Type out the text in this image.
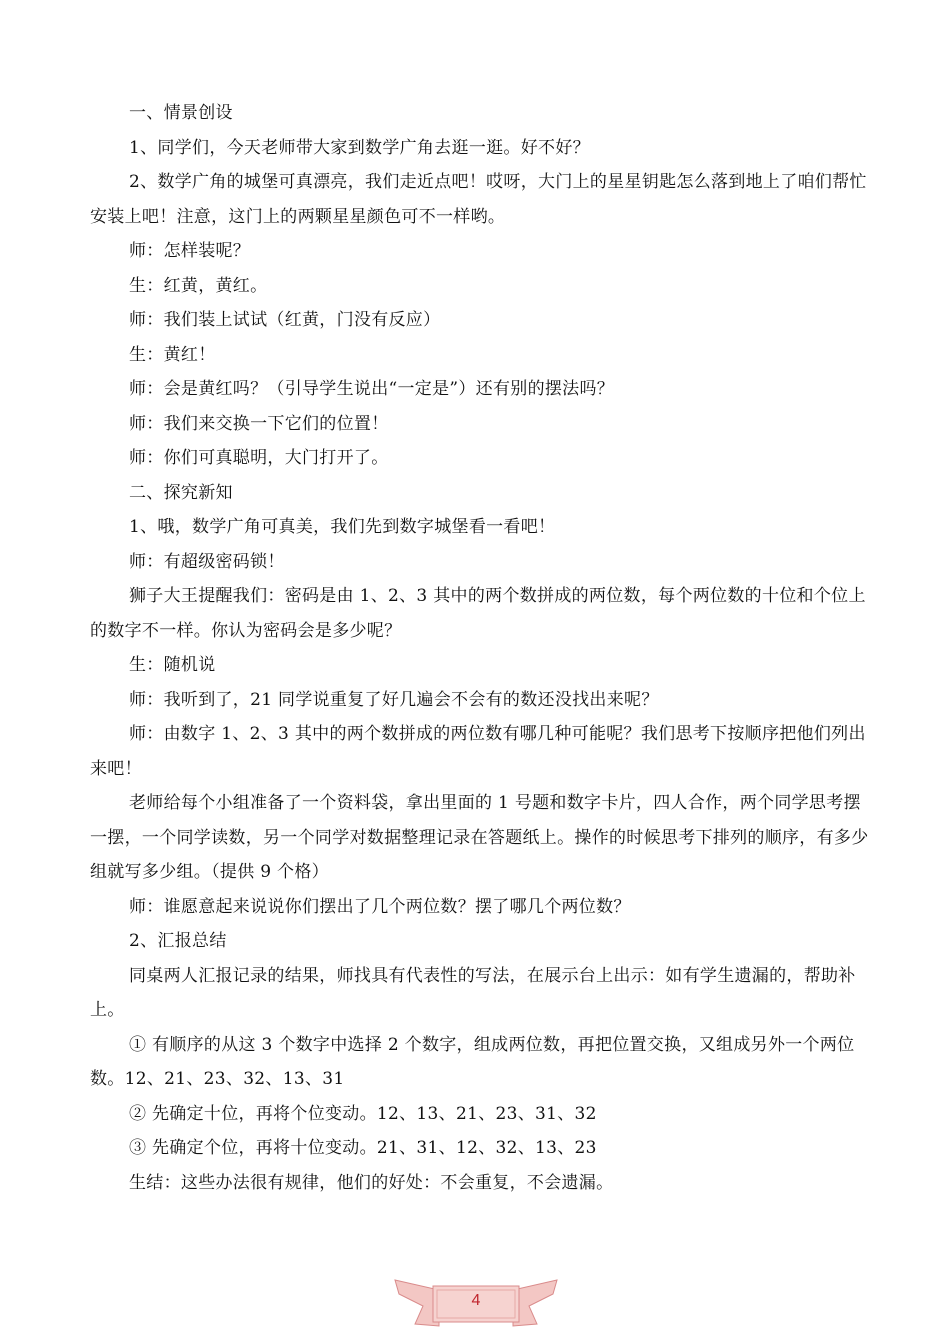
一、情景创设

1、同学们，今天老师带大家到数学广角去逛一逛。好不好？

2、数学广角的城堡可真漂亮，我们走近点吧！哎呀，大门上的星星钥匙怎么落到地上了咱们帮忙安装上吧！注意，这门上的两颗星星颜色可不一样哟。

师：怎样装呢？

生：红黄，黄红。

师：我们装上试试（红黄，门没有反应）

生：黄红！

师：会是黄红吗？（引导学生说出“一定是”）还有别的摆法吗？

师：我们来交换一下它们的位置！

师：你们可真聪明，大门打开了。

二、探究新知

1、哦，数学广角可真美，我们先到数字城堡看一看吧！

师：有超级密码锁！

狮子大王提醒我们：密码是由 1、2、3 其中的两个数拼成的两位数，每个两位数的十位和个位上的数字不一样。你认为密码会是多少呢？

生：随机说

师：我听到了，21 同学说重复了好几遍会不会有的数还没找出来呢？

师：由数字 1、2、3 其中的两个数拼成的两位数有哪几种可能呢？我们思考下按顺序把他们列出来吧！

老师给每个小组准备了一个资料袋，拿出里面的 1 号题和数字卡片，四人合作，两个同学思考摆一摆，一个同学读数，另一个同学对数据整理记录在答题纸上。操作的时候思考下排列的顺序，有多少组就写多少组。（提供 9 个格）

师：谁愿意起来说说你们摆出了几个两位数？摆了哪几个两位数？

2、汇报总结

同桌两人汇报记录的结果，师找具有代表性的写法，在展示台上出示：如有学生遗漏的，帮助补上。

① 有顺序的从这 3 个数字中选择 2 个数字，组成两位数，再把位置交换，又组成另外一个两位数。12、21、23、32、13、31

② 先确定十位，再将个位变动。12、13、21、23、31、32

③ 先确定个位，再将十位变动。21、31、12、32、13、23

生结：这些办法很有规律，他们的好处：不会重复，不会遗漏。

4
